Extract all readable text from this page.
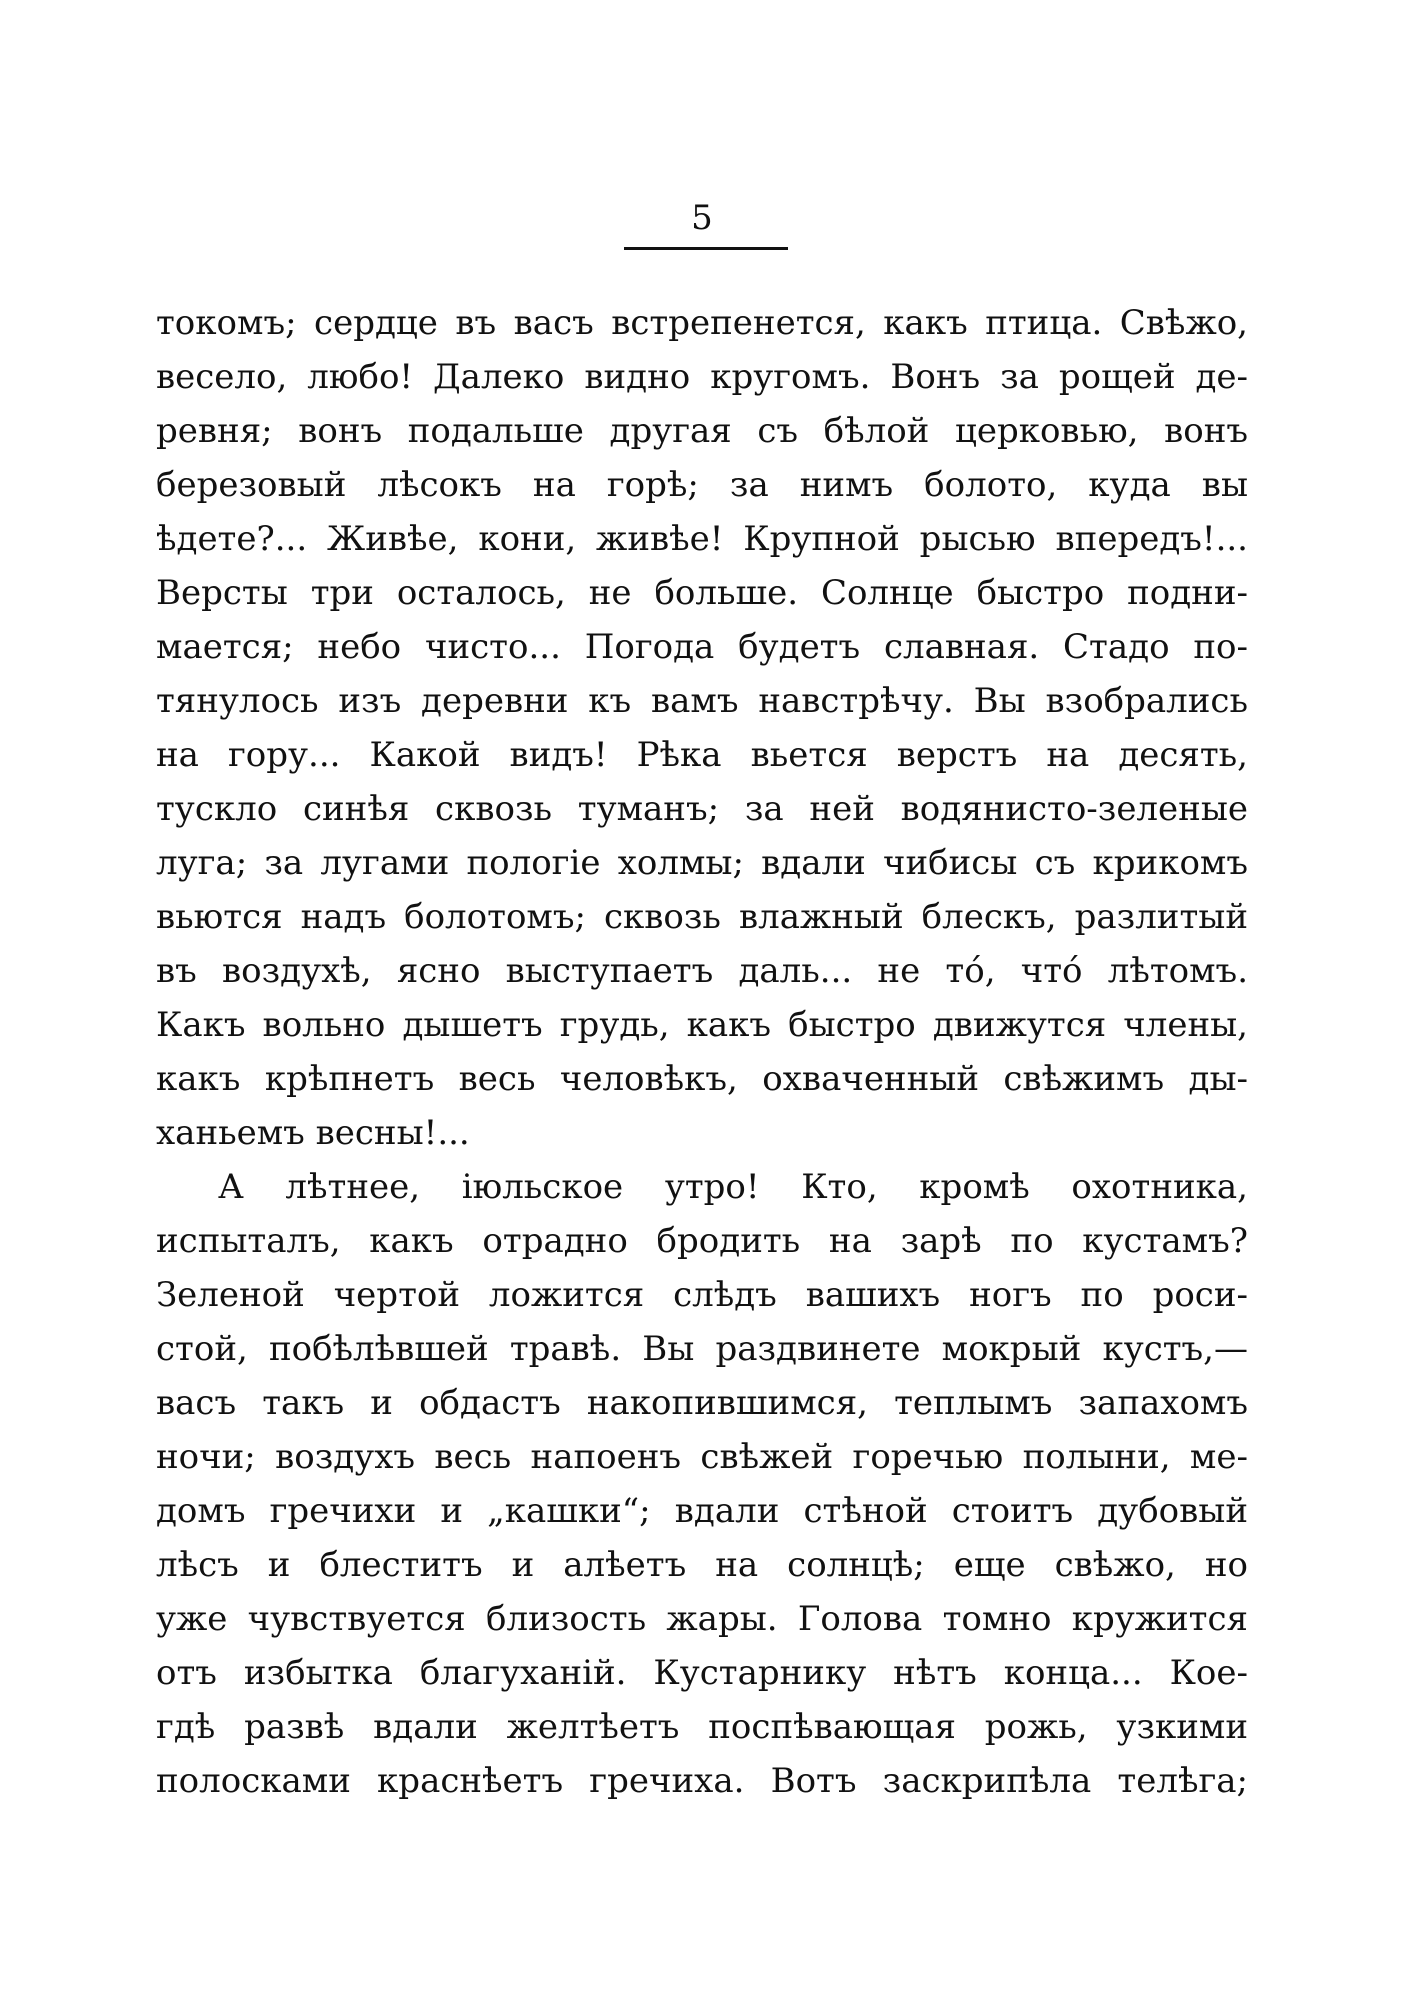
5
токомъ; сердце въ васъ встрепенется, какъ птица. Свѣжо,
весело, любо! Далеко видно кругомъ. Вонъ за рощей де-
ревня; вонъ подальше другая съ бѣлой церковью, вонъ
березовый лѣсокъ на горѣ; за нимъ болото, куда вы
ѣдете?... Живѣе, кони, живѣе! Крупной рысью впередъ!...
Версты три осталось, не больше. Солнце быстро подни-
мается; небо чисто... Погода будетъ славная. Стадо по-
тянулось изъ деревни къ вамъ навстрѣчу. Вы взобрались
на гору... Какой видъ! Рѣка вьется верстъ на десять,
тускло синѣя сквозь туманъ; за ней водянисто-зеленые
луга; за лугами пологіе холмы; вдали чибисы съ крикомъ
вьются надъ болотомъ; сквозь влажный блескъ, разлитый
въ воздухѣ, ясно выступаетъ даль... не тó, чтó лѣтомъ.
Какъ вольно дышетъ грудь, какъ быстро движутся члены,
какъ крѣпнетъ весь человѣкъ, охваченный свѣжимъ ды-
ханьемъ весны!...
А лѣтнее, іюльское утро! Кто, кромѣ охотника,
испыталъ, какъ отрадно бродить на зарѣ по кустамъ?
Зеленой чертой ложится слѣдъ вашихъ ногъ по роси-
стой, побѣлѣвшей травѣ. Вы раздвинете мокрый кустъ,—
васъ такъ и обдастъ накопившимся, теплымъ запахомъ
ночи; воздухъ весь напоенъ свѣжей горечью полыни, ме-
домъ гречихи и „кашки“; вдали стѣной стоитъ дубовый
лѣсъ и блеститъ и алѣетъ на солнцѣ; еще свѣжо, но
уже чувствуется близость жары. Голова томно кружится
отъ избытка благуханій. Кустарнику нѣтъ конца... Кое-
гдѣ развѣ вдали желтѣетъ поспѣвающая рожь, узкими
полосками краснѣетъ гречиха. Вотъ заскрипѣла телѣга;
